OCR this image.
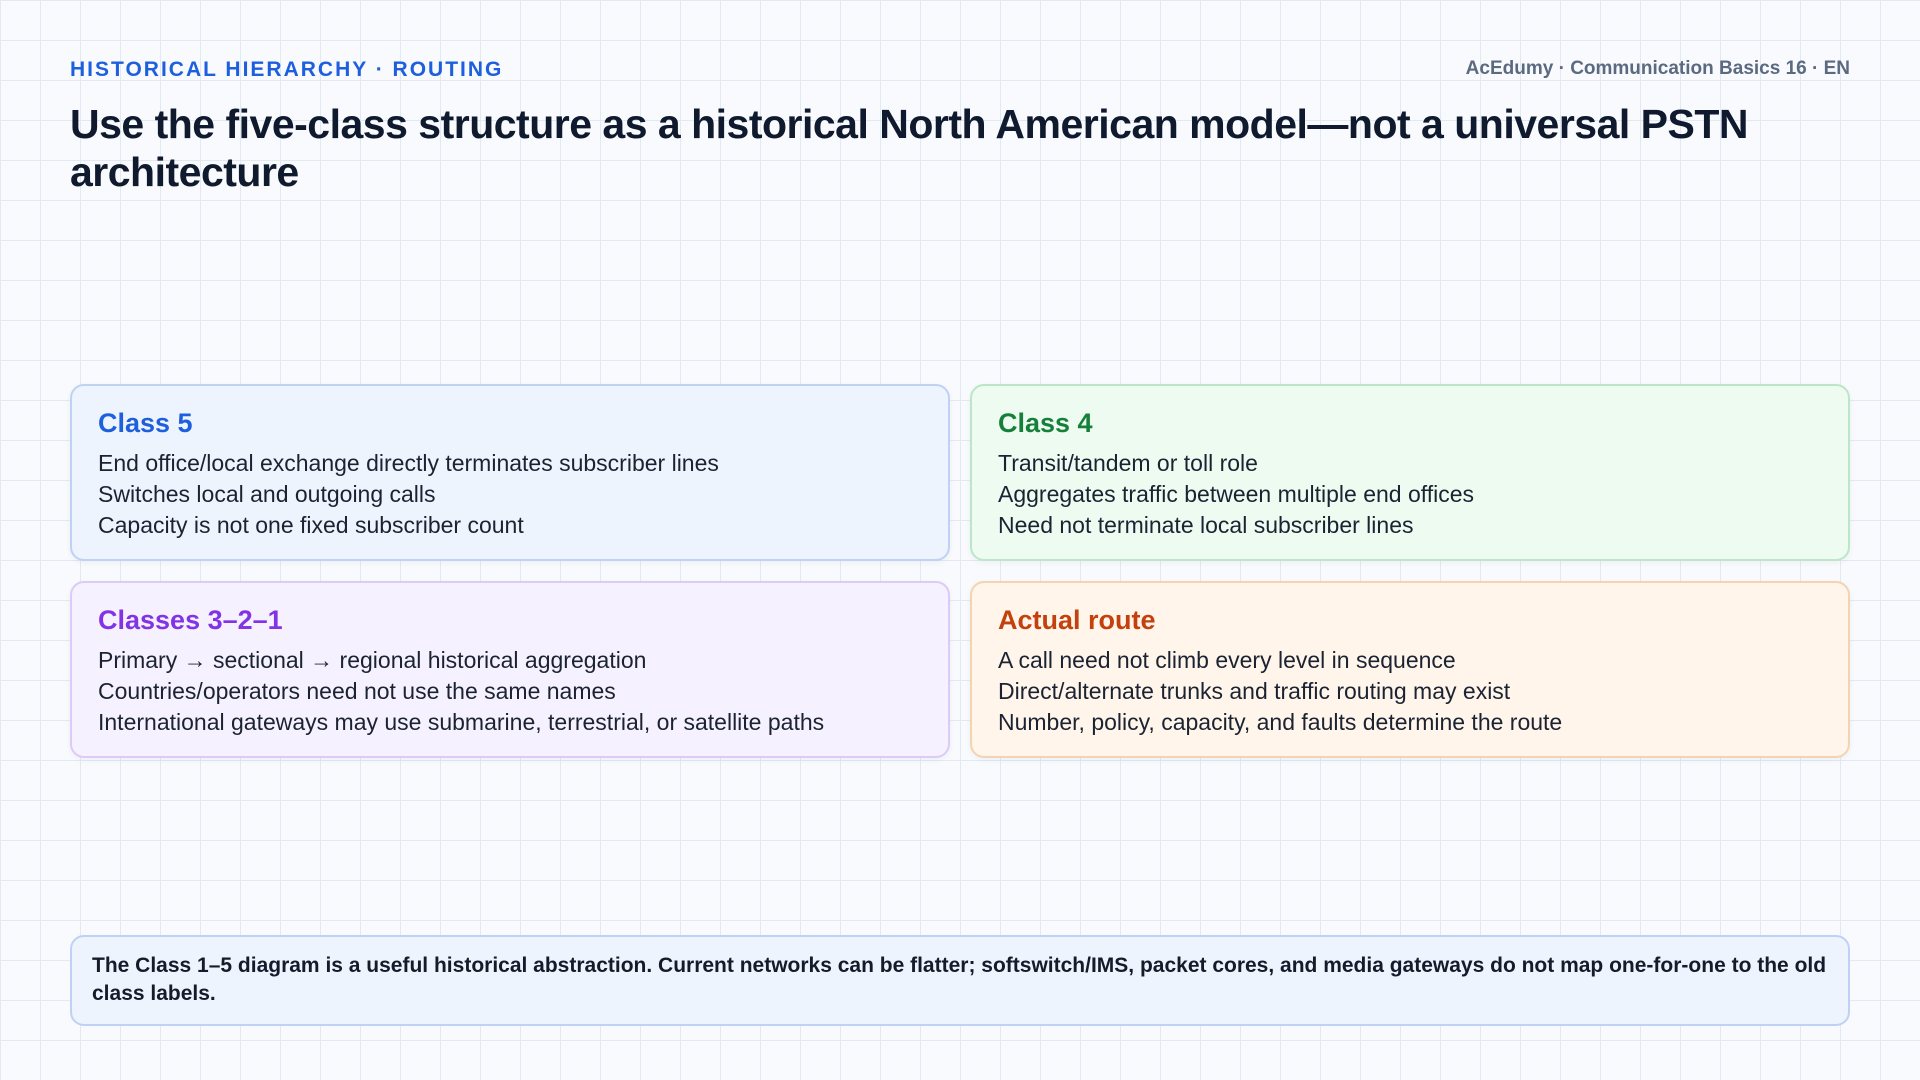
HISTORICAL HIERARCHY · ROUTING	AcEdumy · Communication Basics 16 · EN
Use the five-class structure as a historical North American model—not a universal PSTN architecture
Class 5
End office/local exchange directly terminates subscriber lines
Switches local and outgoing calls
Capacity is not one fixed subscriber count
Class 4
Transit/tandem or toll role
Aggregates traffic between multiple end offices
Need not terminate local subscriber lines
Classes 3–2–1
Primary → sectional → regional historical aggregation
Countries/operators need not use the same names
International gateways may use submarine, terrestrial, or satellite paths
Actual route
A call need not climb every level in sequence
Direct/alternate trunks and traffic routing may exist
Number, policy, capacity, and faults determine the route
The Class 1–5 diagram is a useful historical abstraction. Current networks can be flatter; softswitch/IMS, packet cores, and media gateways do not map one-for-one to the old class labels.
